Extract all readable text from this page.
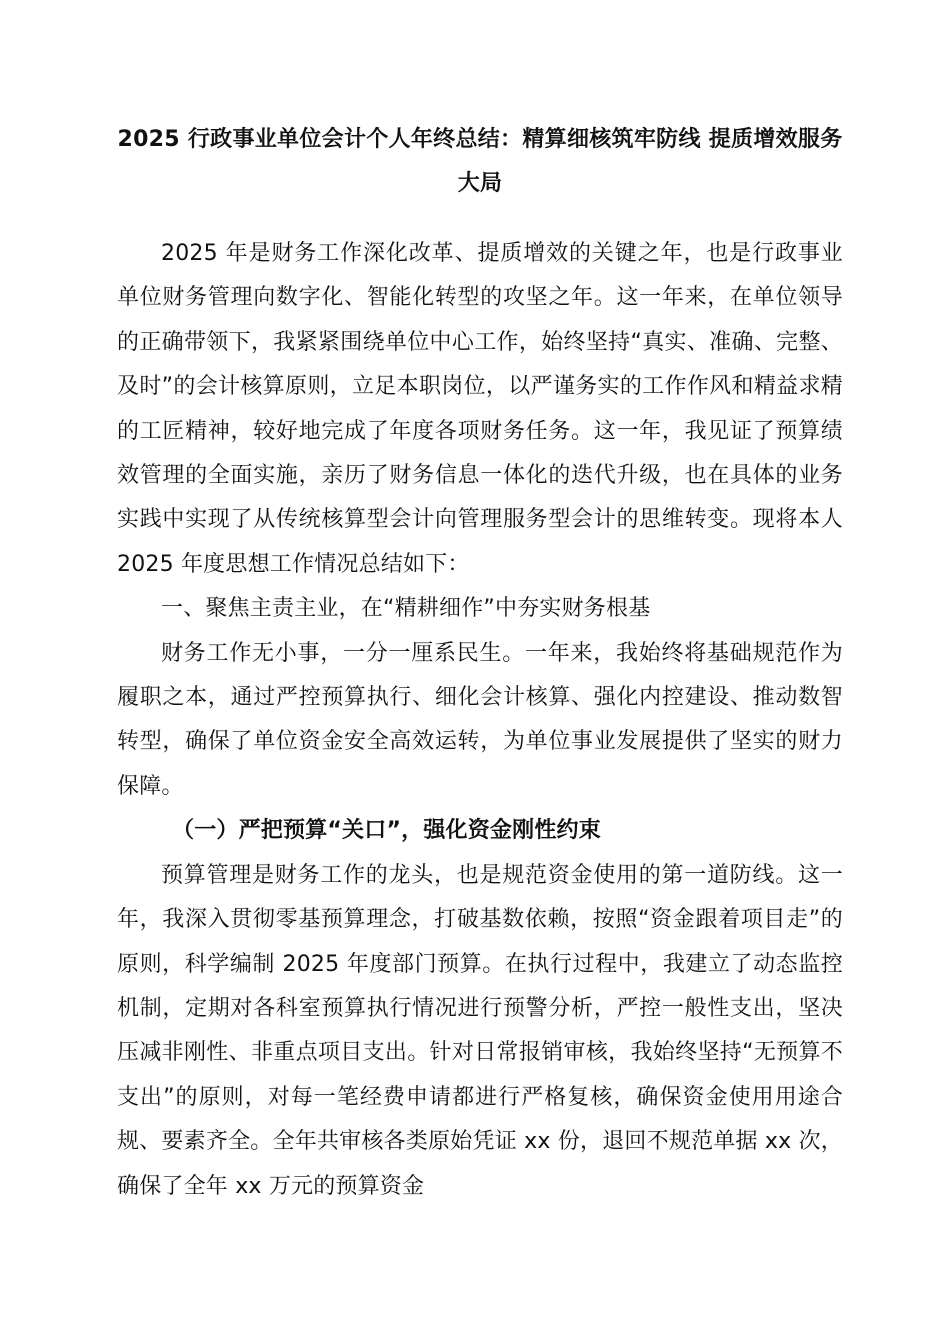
2025 行政事业单位会计个人年终总结：精算细核筑牢防线 提质增效服务大局

2025 年是财务工作深化改革、提质增效的关键之年，也是行政事业单位财务管理向数字化、智能化转型的攻坚之年。这一年来，在单位领导的正确带领下，我紧紧围绕单位中心工作，始终坚持“真实、准确、完整、及时”的会计核算原则，立足本职岗位，以严谨务实的工作作风和精益求精的工匠精神，较好地完成了年度各项财务任务。这一年，我见证了预算绩效管理的全面实施，亲历了财务信息一体化的迭代升级，也在具体的业务实践中实现了从传统核算型会计向管理服务型会计的思维转变。现将本人 2025 年度思想工作情况总结如下：

一、聚焦主责主业，在“精耕细作”中夯实财务根基

财务工作无小事，一分一厘系民生。一年来，我始终将基础规范作为履职之本，通过严控预算执行、细化会计核算、强化内控建设、推动数智转型，确保了单位资金安全高效运转，为单位事业发展提供了坚实的财力保障。

（一）严把预算“关口”，强化资金刚性约束

预算管理是财务工作的龙头，也是规范资金使用的第一道防线。这一年，我深入贯彻零基预算理念，打破基数依赖，按照“资金跟着项目走”的原则，科学编制 2025 年度部门预算。在执行过程中，我建立了动态监控机制，定期对各科室预算执行情况进行预警分析，严控一般性支出，坚决压减非刚性、非重点项目支出。针对日常报销审核，我始终坚持“无预算不支出”的原则，对每一笔经费申请都进行严格复核，确保资金使用用途合规、要素齐全。全年共审核各类原始凭证 xx 份，退回不规范单据 xx 次，确保了全年 xx 万元的预算资金
